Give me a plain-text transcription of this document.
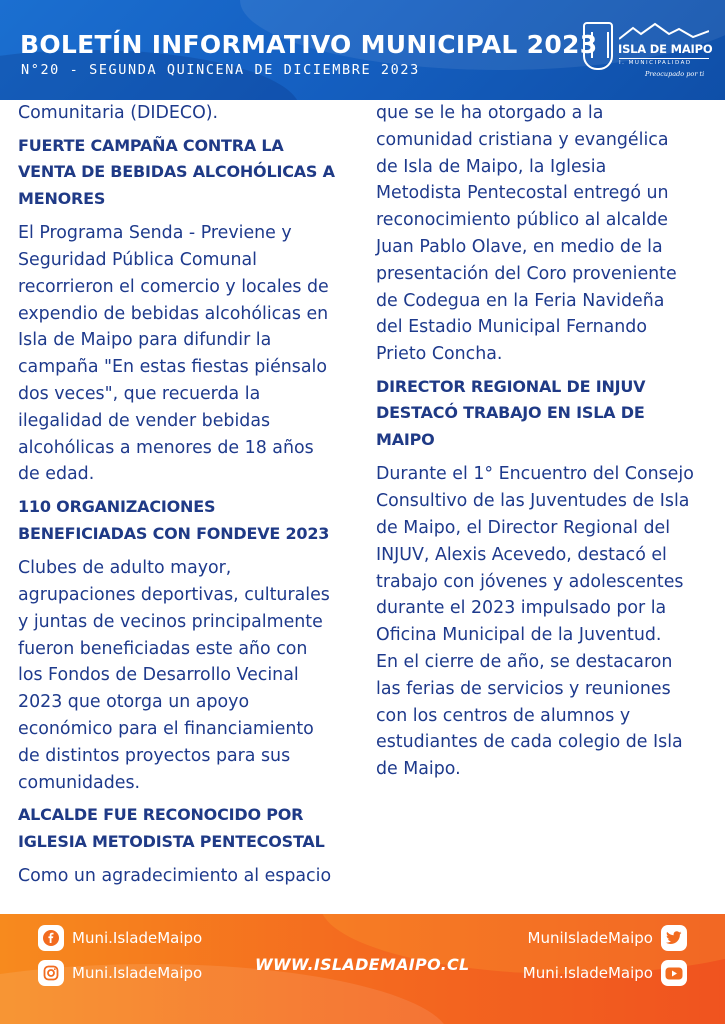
BOLETÍN INFORMATIVO MUNICIPAL 2023
N°20 - SEGUNDA QUINCENA DE DICIEMBRE 2023
ISLA DE MAIPO
I. MUNICIPALIDAD
Preocupado por ti

Comunitaria (DIDECO).

FUERTE CAMPAÑA CONTRA LA
VENTA DE BEBIDAS ALCOHÓLICAS A
MENORES
El Programa Senda - Previene y
Seguridad Pública Comunal
recorrieron el comercio y locales de
expendio de bebidas alcohólicas en
Isla de Maipo para difundir la
campaña "En estas fiestas piénsalo
dos veces", que recuerda la
ilegalidad de vender bebidas
alcohólicas a menores de 18 años
de edad.
110 ORGANIZACIONES
BENEFICIADAS CON FONDEVE 2023
Clubes de adulto mayor,
agrupaciones deportivas, culturales
y juntas de vecinos principalmente
fueron beneficiadas este año con
los Fondos de Desarrollo Vecinal
2023 que otorga un apoyo
económico para el financiamiento
de distintos proyectos para sus
comunidades.
ALCALDE FUE RECONOCIDO POR
IGLESIA METODISTA PENTECOSTAL
Como un agradecimiento al espacio
que se le ha otorgado a la
comunidad cristiana y evangélica
de Isla de Maipo, la Iglesia
Metodista Pentecostal entregó un
reconocimiento público al alcalde
Juan Pablo Olave, en medio de la
presentación del Coro proveniente
de Codegua en la Feria Navideña
del Estadio Municipal Fernando
Prieto Concha.
DIRECTOR REGIONAL DE INJUV
DESTACÓ TRABAJO EN ISLA DE
MAIPO
Durante el 1° Encuentro del Consejo
Consultivo de las Juventudes de Isla
de Maipo, el Director Regional del
INJUV, Alexis Acevedo, destacó el
trabajo con jóvenes y adolescentes
durante el 2023 impulsado por la
Oficina Municipal de la Juventud.
En el cierre de año, se destacaron
las ferias de servicios y reuniones
con los centros de alumnos y
estudiantes de cada colegio de Isla
de Maipo.
Muni.IsladeMaipo
Muni.IsladeMaipo	WWW.ISLADEMAIPO.CL
MuniIsladeMaipo
Muni.IsladeMaipo
